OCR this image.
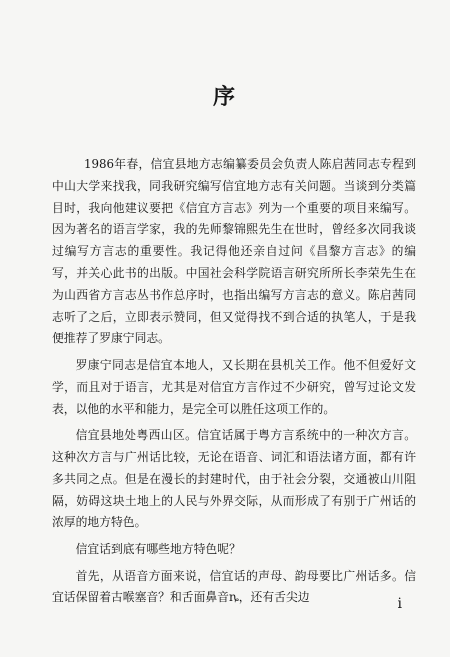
序

1986年春，信宜县地方志编纂委员会负责人陈启茜同志专程到中山大学来找我，同我研究编写信宜地方志有关问题。当谈到分类篇目时，我向他建议要把《信宜方言志》列为一个重要的项目来编写。因为著名的语言学家，我的先师黎锦熙先生在世时，曾经多次同我谈过编写方言志的重要性。我记得他还亲自过问《昌黎方言志》的编写，并关心此书的出版。中国社会科学院语言研究所所长李荣先生在为山西省方言志丛书作总序时，也指出编写方言志的意义。陈启茜同志听了之后，立即表示赞同，但又觉得找不到合适的执笔人，于是我便推荐了罗康宁同志。

罗康宁同志是信宜本地人，又长期在县机关工作。他不但爱好文学，而且对于语言，尤其是对信宜方言作过不少研究，曾写过论文发表，以他的水平和能力，是完全可以胜任这项工作的。

信宜县地处粤西山区。信宜话属于粤方言系统中的一种次方言。这种次方言与广州话比较，无论在语音、词汇和语法诸方面，都有许多共同之点。但是在漫长的封建时代，由于社会分裂，交通被山川阻隔，妨碍这块土地上的人民与外界交际，从而形成了有别于广州话的浓厚的地方特色。

信宜话到底有哪些地方特色呢？

首先，从语音方面来说，信宜话的声母、韵母要比广州话多。信宜话保留着古喉塞音？和舌面鼻音ȵ，还有舌尖边	i
